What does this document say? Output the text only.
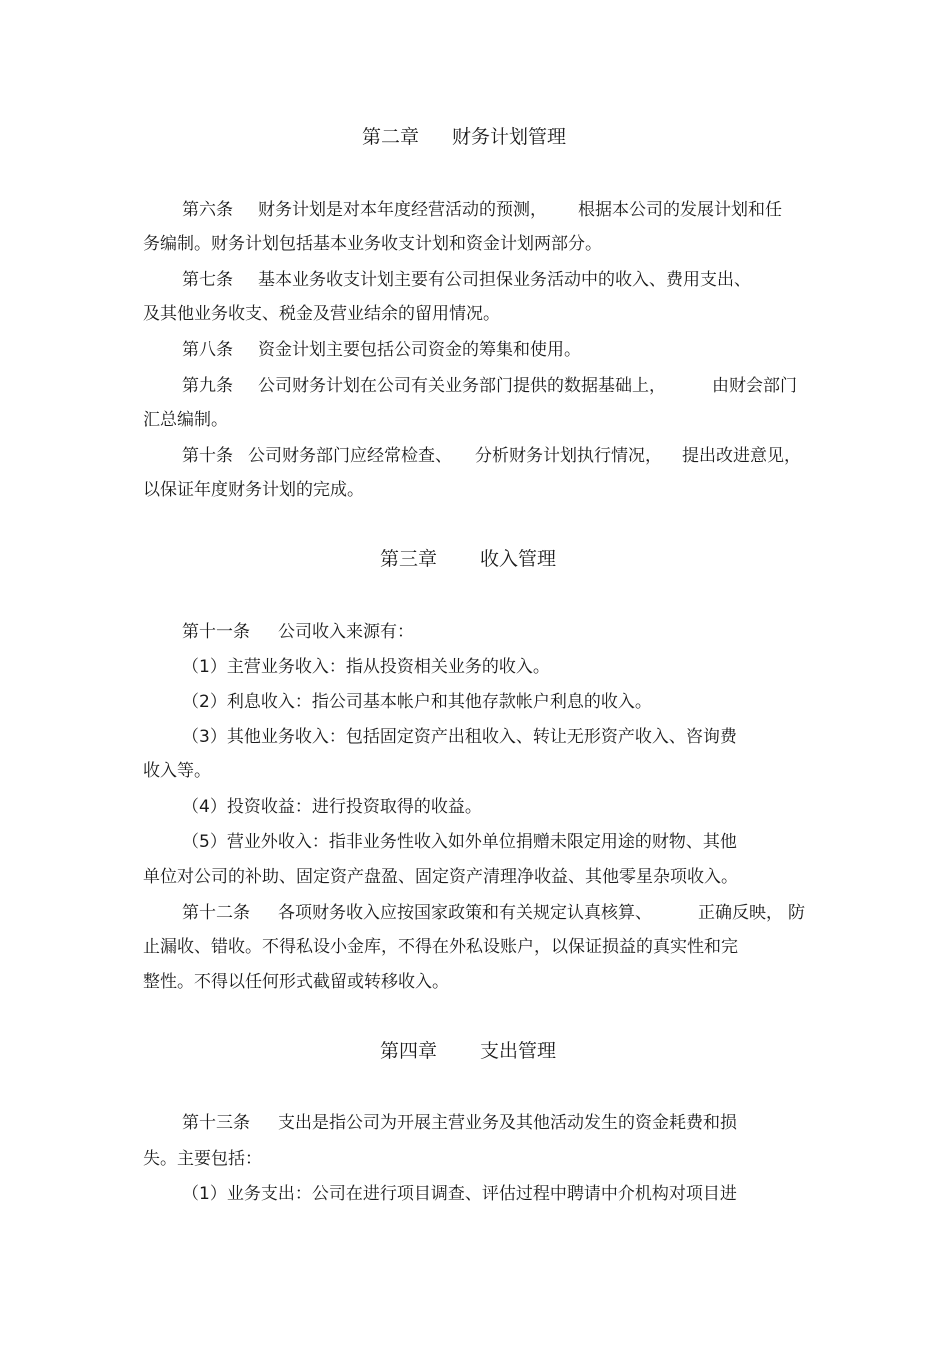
第二章

财务计划管理

第六条

财务计划是对本年度经营活动的预测，

根据本公司的发展计划和任

务编制。财务计划包括基本业务收支计划和资金计划两部分。

第七条

基本业务收支计划主要有公司担保业务活动中的收入、费用支出、

及其他业务收支、税金及营业结余的留用情况。

第八条

资金计划主要包括公司资金的筹集和使用。

第九条

公司财务计划在公司有关业务部门提供的数据基础上，

	由财会部门

汇总编制。

第十条

公司财务部门应经常检查、

分析财务计划执行情况，

提出改进意见，

以保证年度财务计划的完成。

第三章

收入管理

第十一条

公司收入来源有：

（1）主营业务收入：指从投资相关业务的收入。

（2）利息收入：指公司基本帐户和其他存款帐户利息的收入。

（3）其他业务收入：包括固定资产出租收入、转让无形资产收入、咨询费

收入等。

（4）投资收益：进行投资取得的收益。

（5）营业外收入：指非业务性收入如外单位捐赠未限定用途的财物、其他

单位对公司的补助、固定资产盘盈、固定资产清理净收益、其他零星杂项收入。

第十二条

各项财务收入应按国家政策和有关规定认真核算、

	正确反映，

防

止漏收、错收。不得私设小金库，不得在外私设账户，以保证损益的真实性和完

整性。不得以任何形式截留或转移收入。

第四章

支出管理

第十三条

支出是指公司为开展主营业务及其他活动发生的资金耗费和损

失。主要包括：

（1）业务支出：公司在进行项目调查、评估过程中聘请中介机构对项目进
